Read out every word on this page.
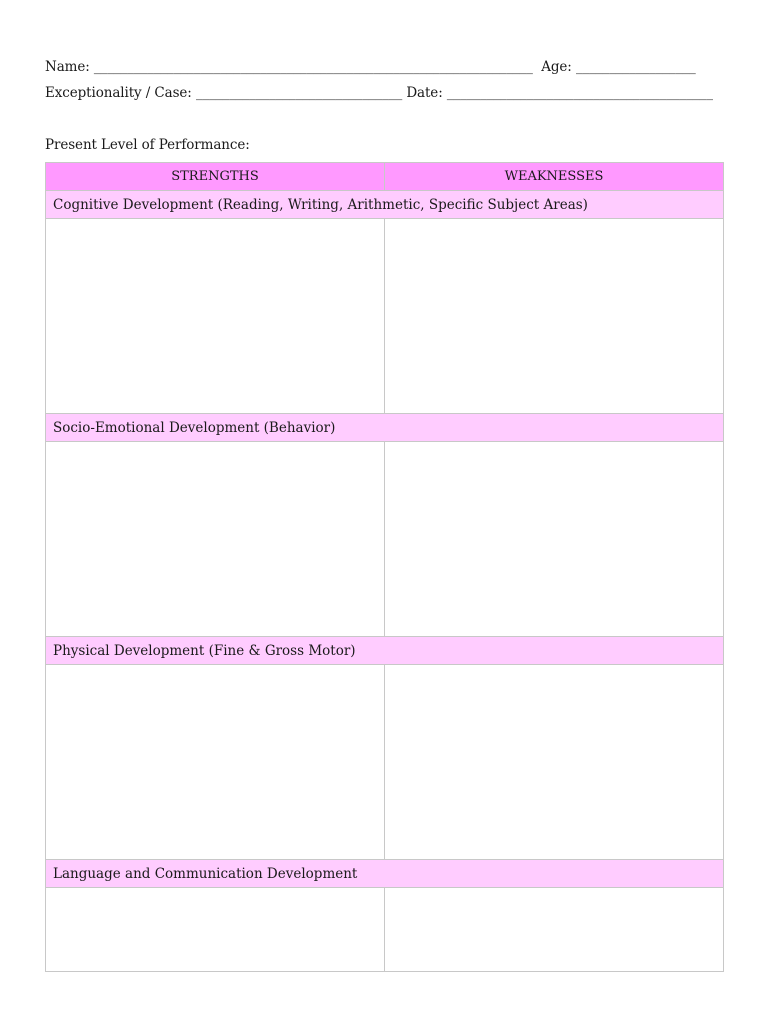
Name: __________________________________________________________________ Age: __________________
Exceptionality / Case: _______________________________ Date: ________________________________________
Present Level of Performance:
STRENGTHS	WEAKNESSES
Cognitive Development (Reading, Writing, Arithmetic, Specific Subject Areas)	

Socio-Emotional Development (Behavior)	

Physical Development (Fine & Gross Motor)	

Language and Communication Development	
